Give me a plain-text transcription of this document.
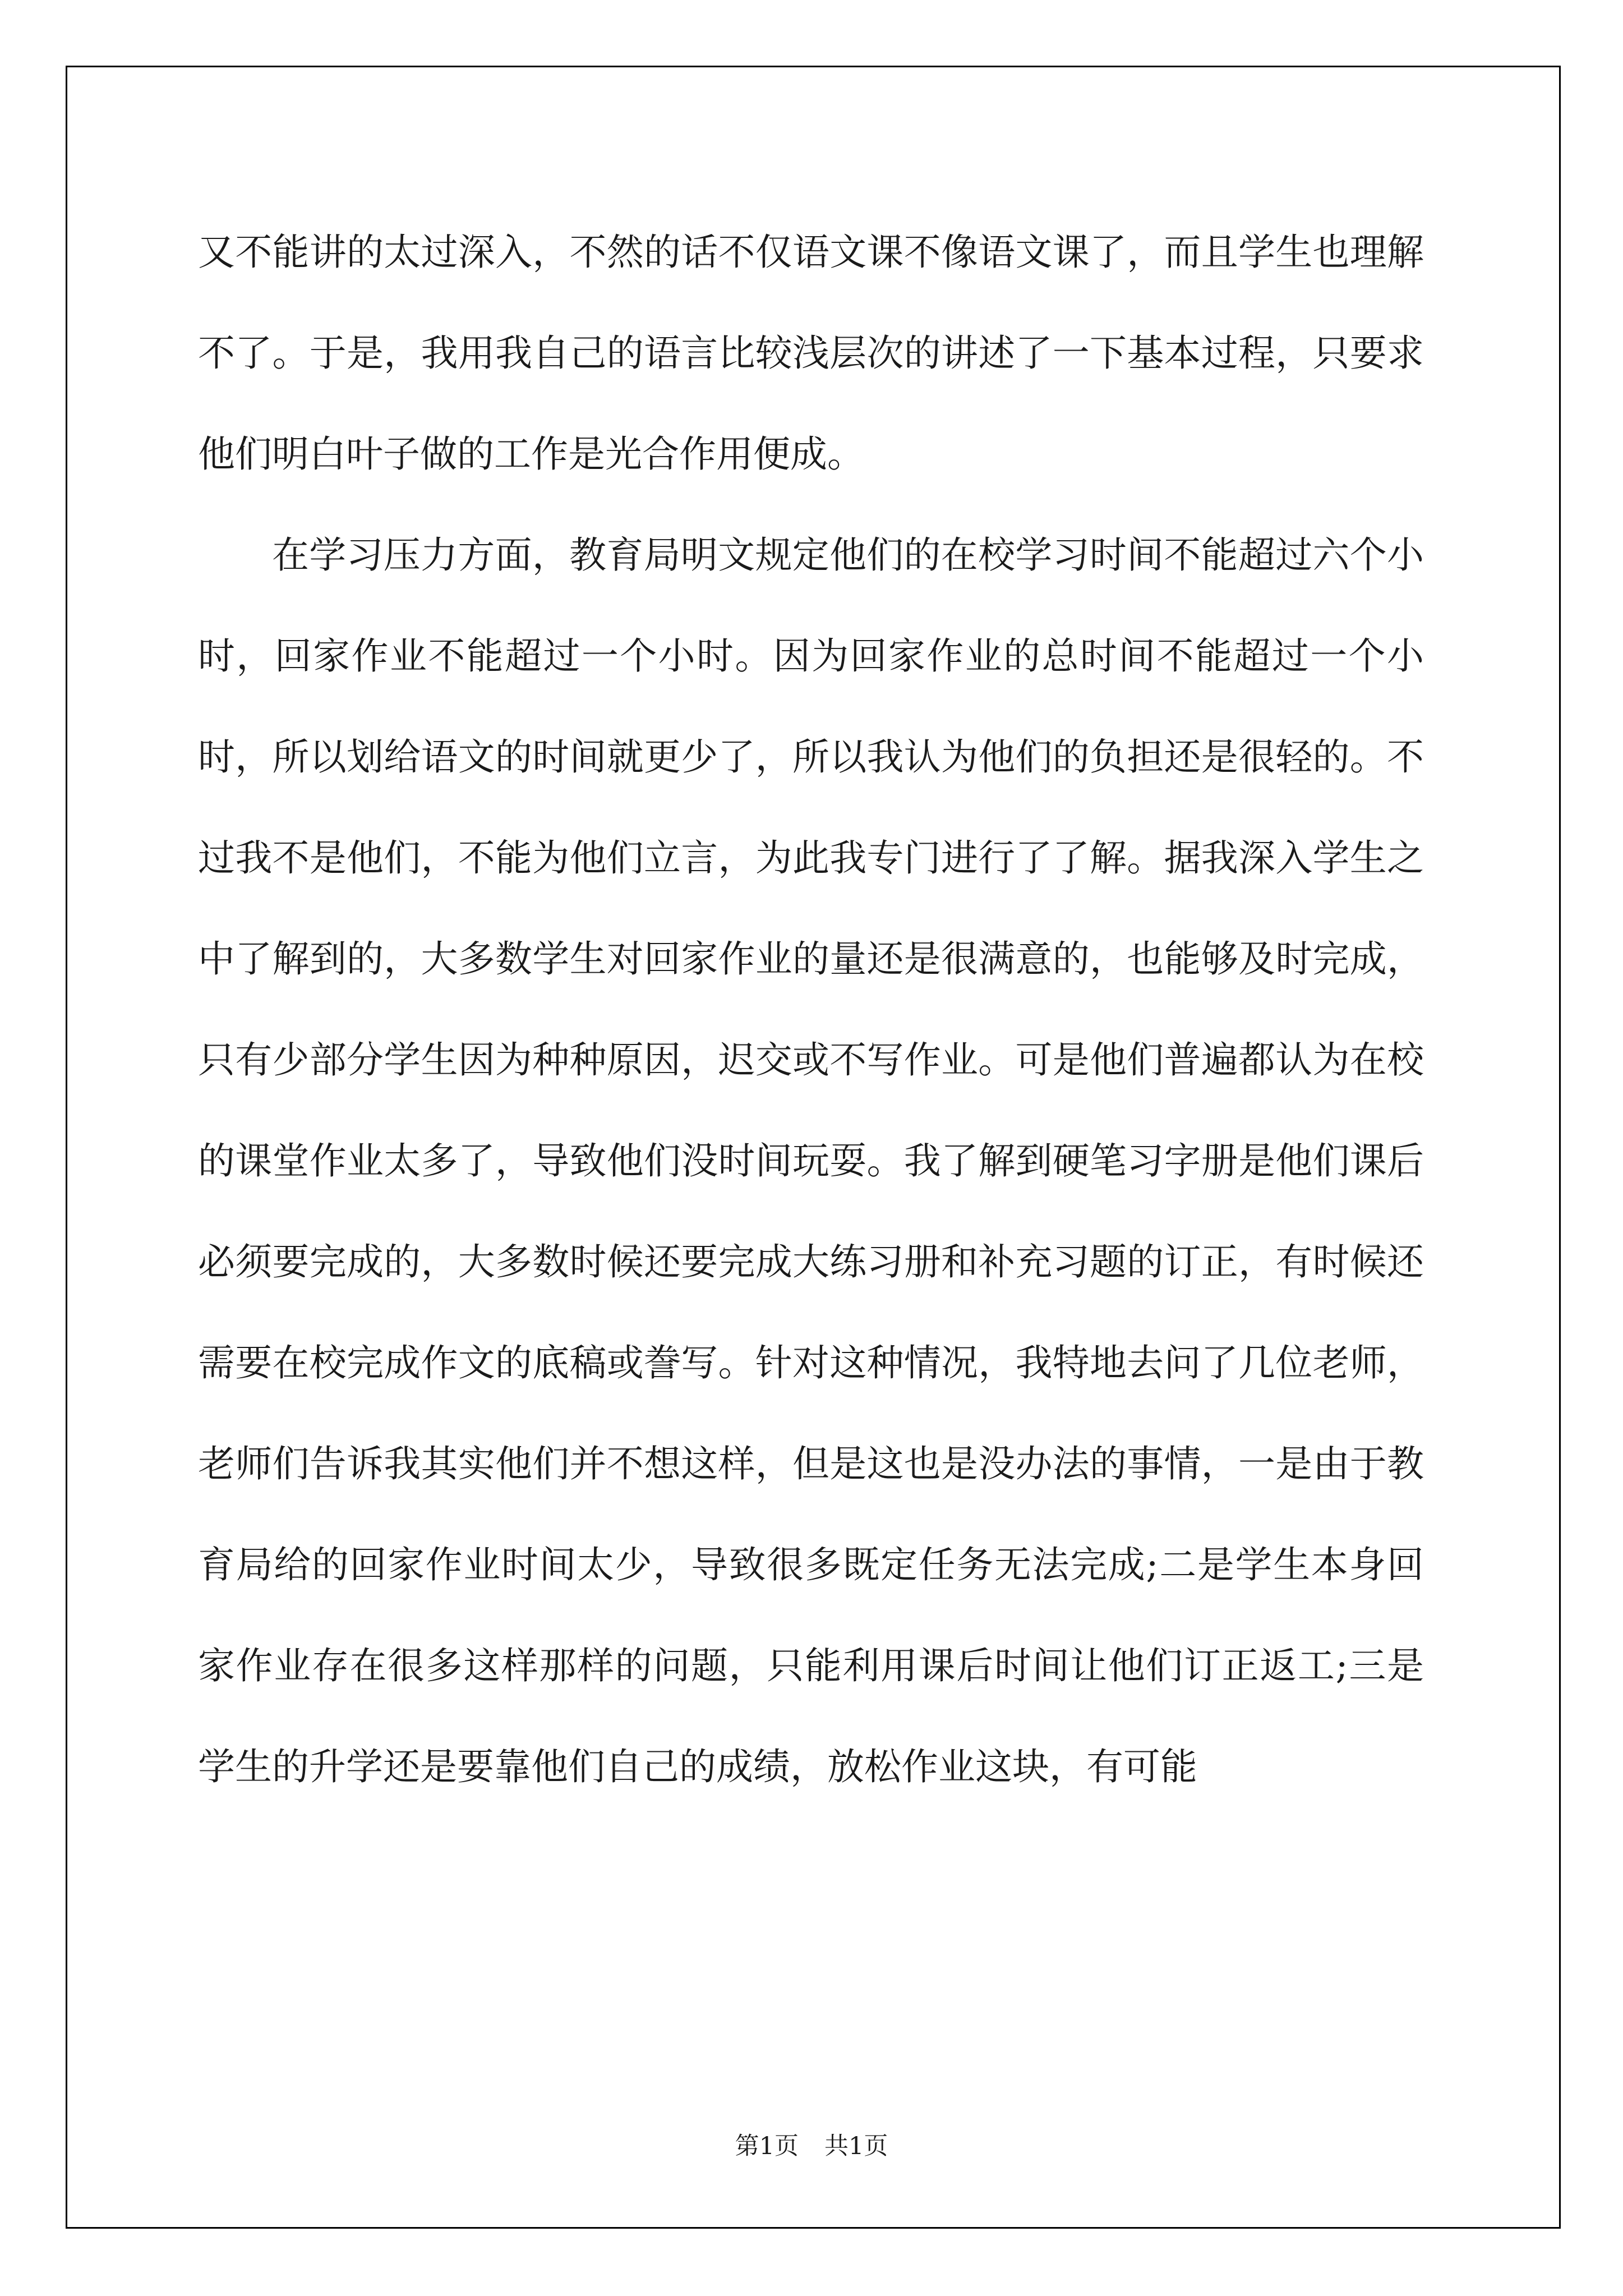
又不能讲的太过深入，不然的话不仅语文课不像语文课了，而且学生也理解不了。于是，我用我自己的语言比较浅层次的讲述了一下基本过程，只要求他们明白叶子做的工作是光合作用便成。

在学习压力方面，教育局明文规定他们的在校学习时间不能超过六个小时，回家作业不能超过一个小时。因为回家作业的总时间不能超过一个小时，所以划给语文的时间就更少了，所以我认为他们的负担还是很轻的。不过我不是他们，不能为他们立言，为此我专门进行了了解。据我深入学生之中了解到的，大多数学生对回家作业的量还是很满意的，也能够及时完成，只有少部分学生因为种种原因，迟交或不写作业。可是他们普遍都认为在校的课堂作业太多了，导致他们没时间玩耍。我了解到硬笔习字册是他们课后必须要完成的，大多数时候还要完成大练习册和补充习题的订正，有时候还需要在校完成作文的底稿或誊写。针对这种情况，我特地去问了几位老师，老师们告诉我其实他们并不想这样，但是这也是没办法的事情，一是由于教育局给的回家作业时间太少，导致很多既定任务无法完成;二是学生本身回家作业存在很多这样那样的问题，只能利用课后时间让他们订正返工;三是学生的升学还是要靠他们自己的成绩，放松作业这块，有可能

第1页 共1页
